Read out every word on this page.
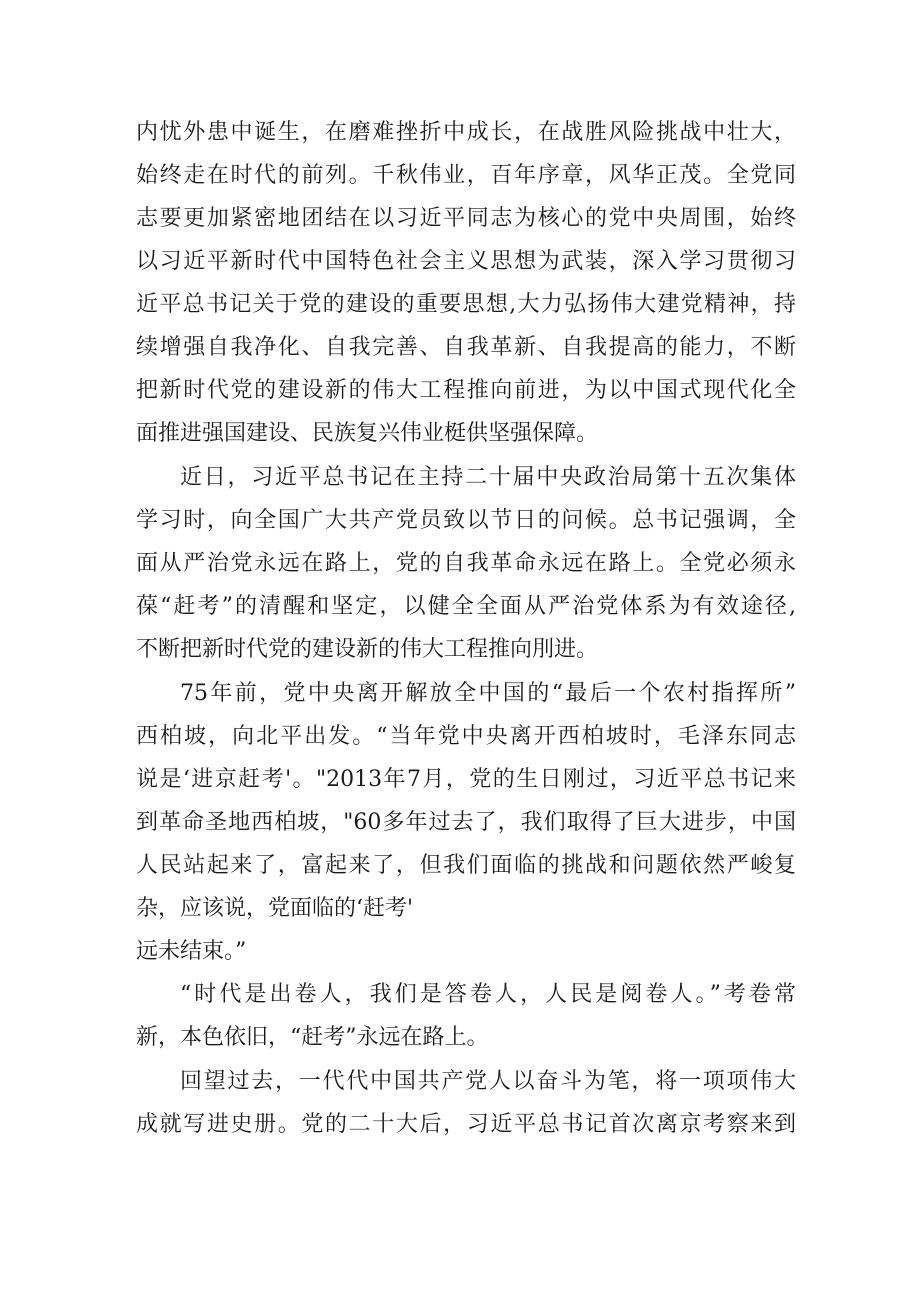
内忧外患中诞生，在磨难挫折中成长，在战胜风险挑战中壮大，
始终走在时代的前列。千秋伟业，百年序章，风华正茂。全党同
志要更加紧密地团结在以习近平同志为核心的党中央周围，始终
以习近平新时代中国特色社会主义思想为武装，深入学习贯彻习
近平总书记关于党的建设的重要思想,大力弘扬伟大建党精神，持
续增强自我净化、自我完善、自我革新、自我提高的能力，不断
把新时代党的建设新的伟大工程推向前进，为以中国式现代化全
面推进强国建设、民族复兴伟业梃供坚强保障。
近日，习近平总书记在主持二十届中央政治局第十五次集体
学习时，向全国广大共产党员致以节日的问候。总书记强调，全
面从严治党永远在路上，党的自我革命永远在路上。全党必须永
葆“赶考”的清醒和坚定，以健全全面从严治党体系为有效途径,
不断把新时代党的建设新的伟大工程推向刖进。
75年前，党中央离开解放全中国的“最后一个农村指挥所”
西柏坡，向北平出发。“当年党中央离开西柏坡时，毛泽东同志
说是‘进京赶考'。"2013年7月，党的生日刚过，习近平总书记来
到革命圣地西柏坡，"60多年过去了，我们取得了巨大进步，中国
人民站起来了，富起来了，但我们面临的挑战和问题依然严峻复
杂，应该说，党面临的‘赶考'
远未结束。”
“时代是出卷人，我们是答卷人，人民是阅卷人。”考卷常
新，本色依旧，“赶考”永远在路上。
回望过去，一代代中国共产党人以奋斗为笔，将一项项伟大
成就写进史册。党的二十大后，习近平总书记首次离京考察来到
